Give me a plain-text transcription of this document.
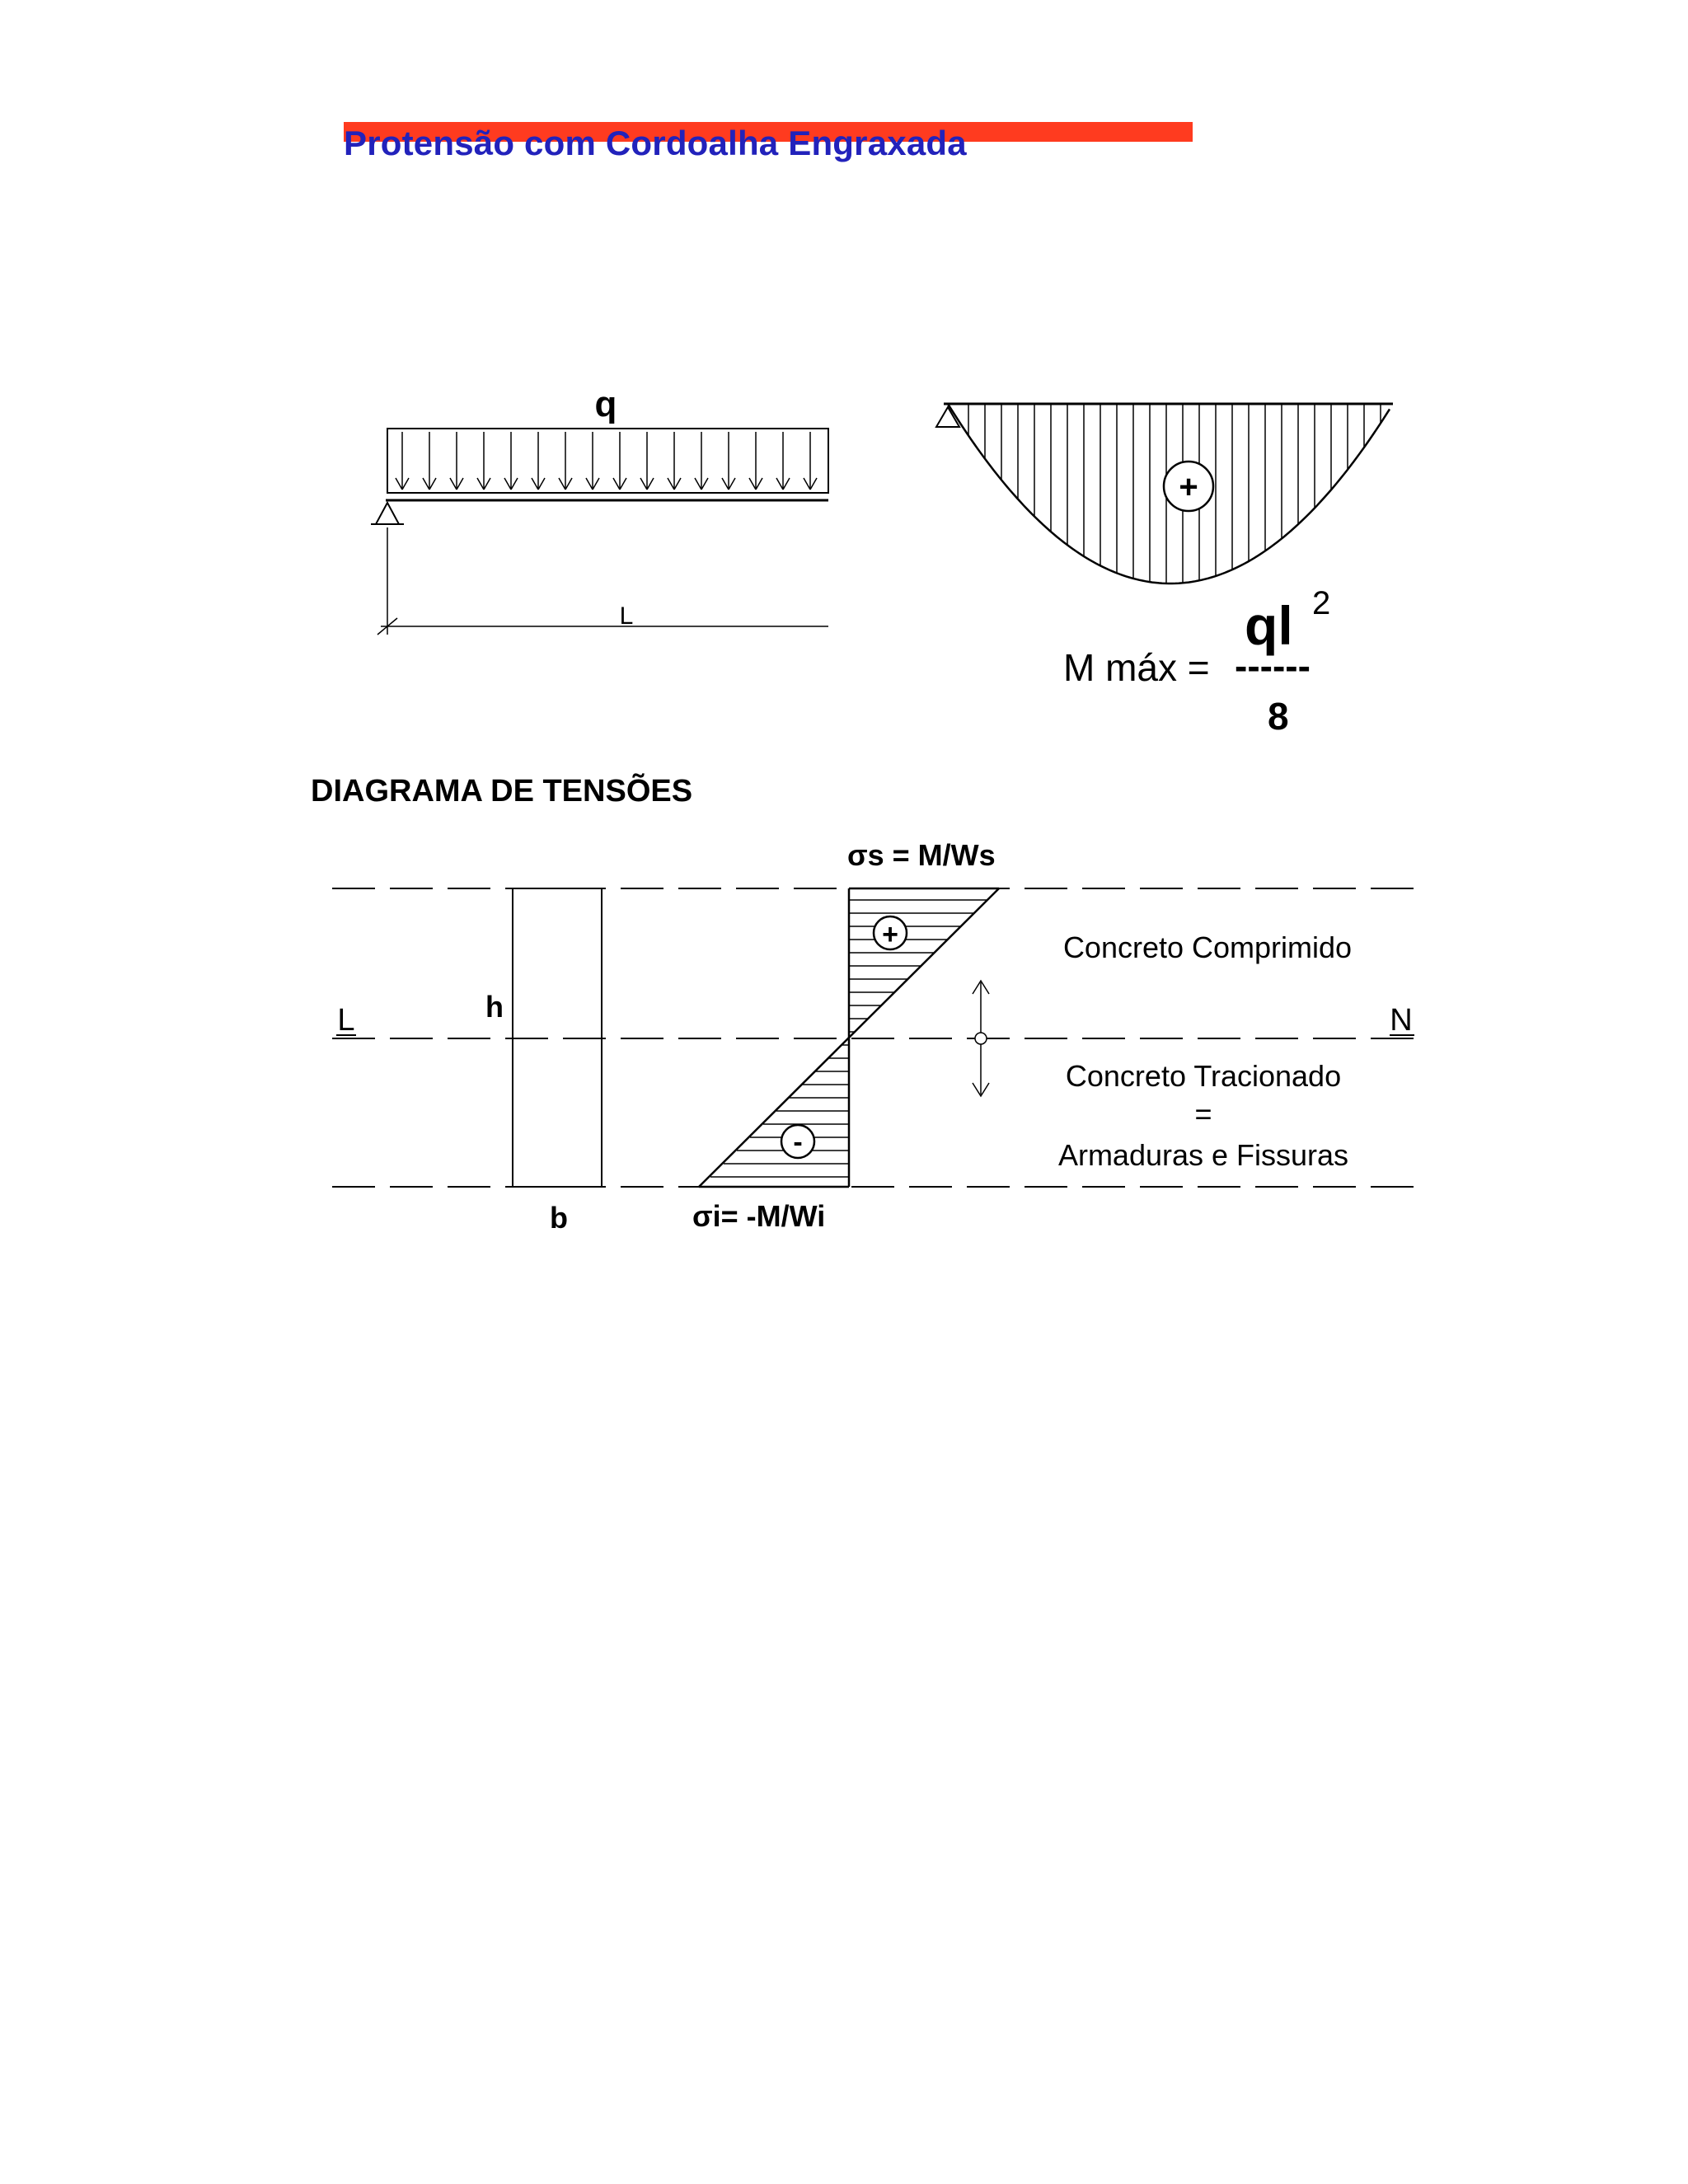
Protensão com Cordoalha Engraxada
q
L
+
M máx =
ql 2
------
8
DIAGRAMA DE TENSÕES
h
b
L	N
+
-
σs = M/Ws
σi= -M/Wi
Concreto Comprimido
Concreto Tracionado
=
Armaduras e Fissuras
